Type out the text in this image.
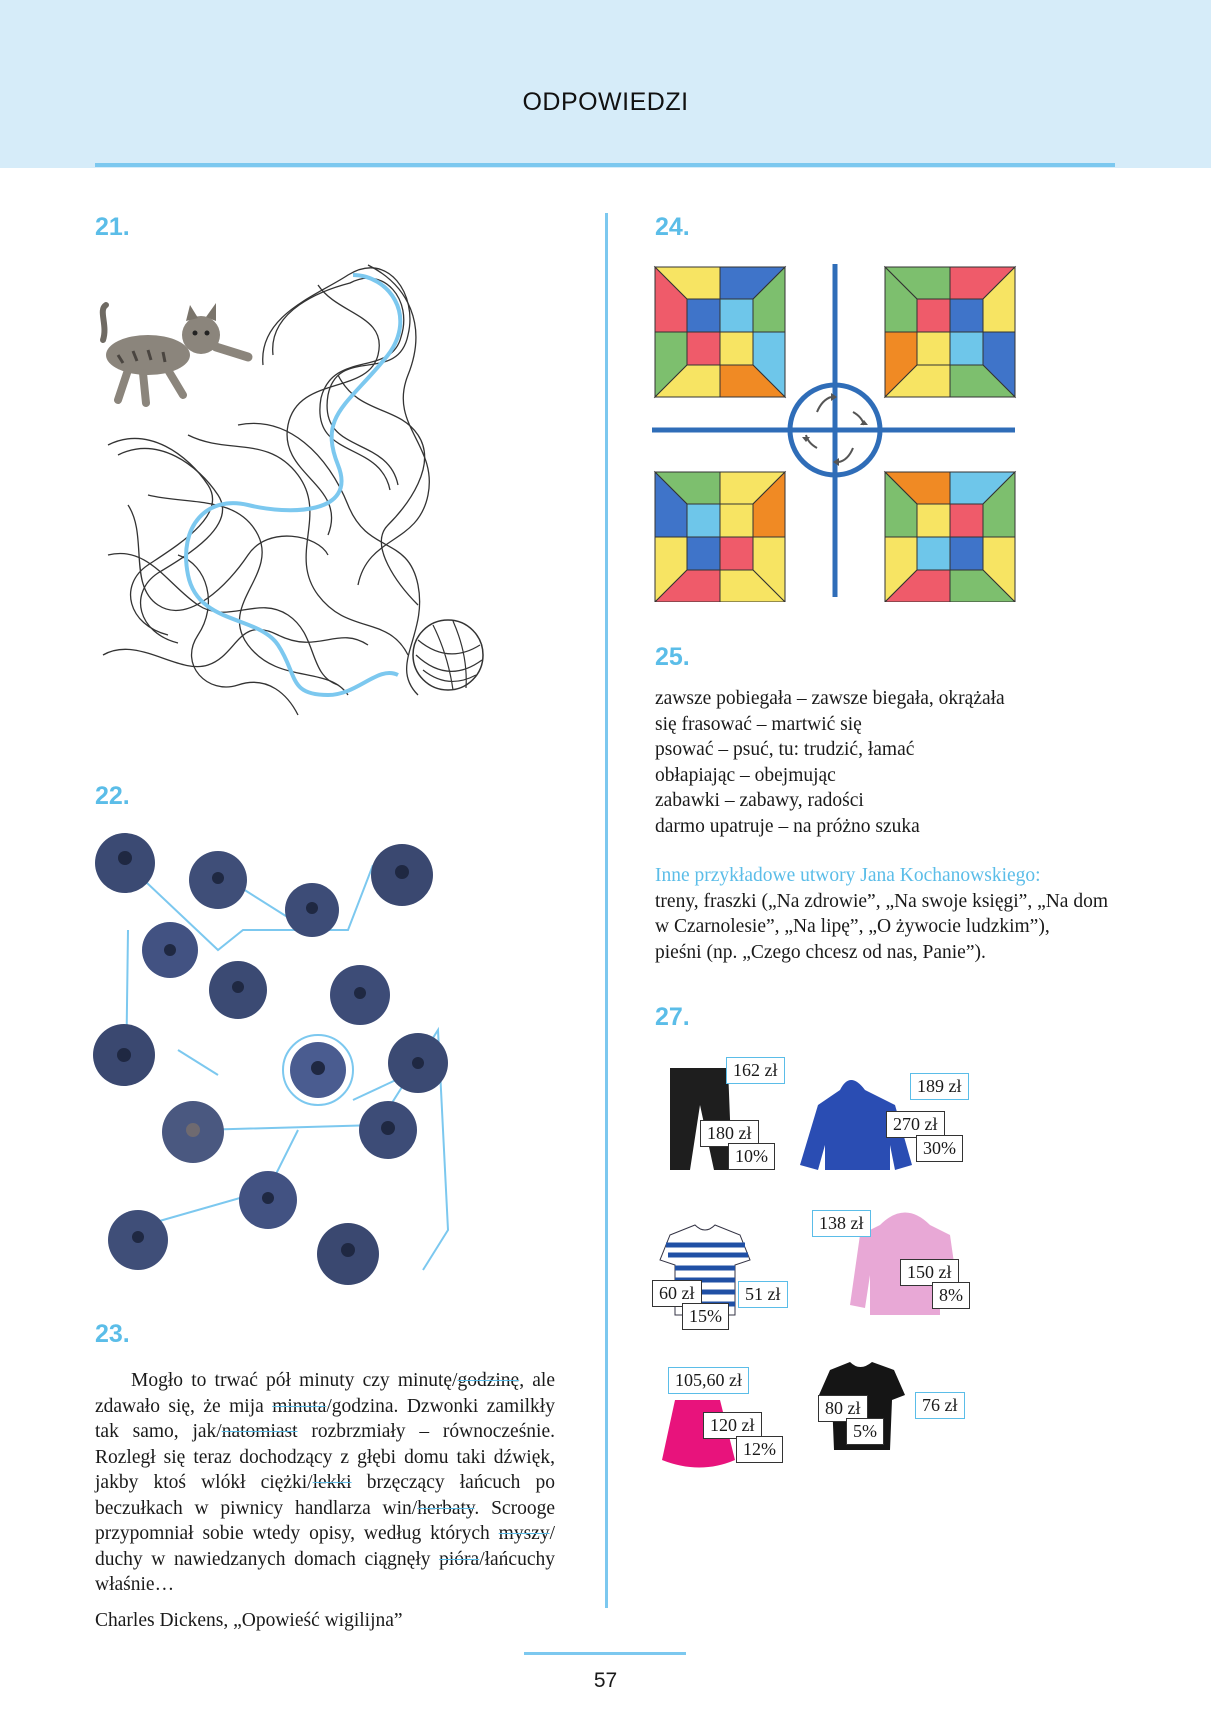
ODPOWIEDZI
21.
22.
23.
24.
25.
27.
zawsze pobiegała – zawsze biegała, okrążała
się frasować – martwić się
psować – psuć, tu: trudzić, łamać
obłapiając – obejmując
zabawki – zabawy, radości
darmo upatruje – na próżno szuka
Inne przykładowe utwory Jana Kochanowskiego:
treny, fraszki („Na zdrowie”, „Na swoje księgi”, „Na dom
w Czarnolesie”, „Na lipę”, „O żywocie ludzkim”),
pieśni (np. „Czego chcesz od nas, Panie”).
162 zł
180 zł
10%
189 zł
270 zł
30%
138 zł
150 zł
8%
60 zł
15%
51 zł
105,60 zł
120 zł
12%
80 zł
5%
76 zł
Mogło to trwać pół minuty czy minutę/godzinę, ale zdawało się, że mija minuta/godzina. Dzwonki zamilkły tak samo, jak/natomiast rozbrzmiały – równocześnie. Rozległ się teraz dochodzący z głębi domu taki dźwięk, jakby ktoś wlókł ciężki/lekki brzęczący łańcuch po beczułkach w piwnicy handlarza win/herbaty. Scrooge przypomniał sobie wtedy opisy, według których myszy/ duchy w nawiedzanych domach ciągnęły pióra/łańcuchy właśnie…
Charles Dickens, „Opowieść wigilijna”
57
